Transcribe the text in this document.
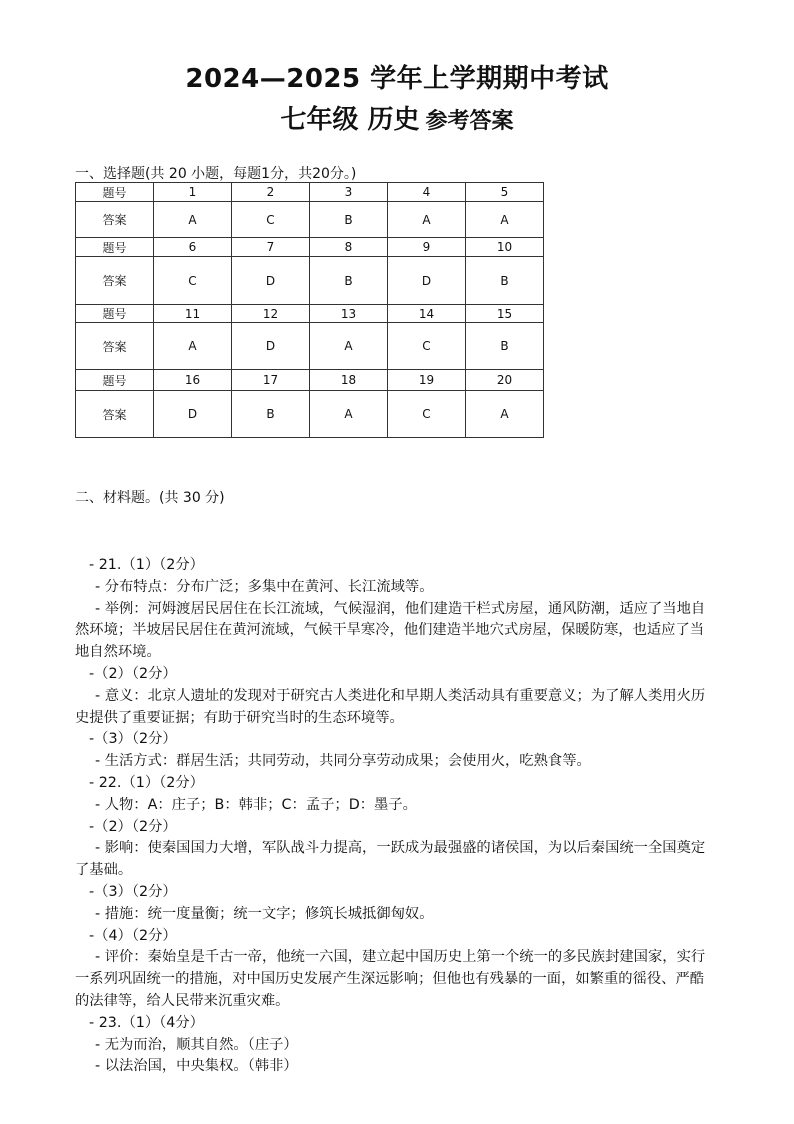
2024—2025 学年上学期期中考试
七年级 历史 参考答案
一、选择题(共 20 小题，每题1分，共20分。)
题号	1	2	3	4	5
答案	A	C	B	A	A
题号	6	7	8	9	10
答案	C	D	B	D	B
题号	11	12	13	14	15
答案	A	D	A	C	B
题号	16	17	18	19	20
答案	D	B	A	C	A
二、材料题。(共 30 分)

- 21.（1）（2分）

- 分布特点：分布广泛；多集中在黄河、长江流域等。

- 举例：河姆渡居民居住在长江流域，气候湿润，他们建造干栏式房屋，通风防潮，适应了当地自然环境；半坡居民居住在黄河流域，气候干旱寒冷，他们建造半地穴式房屋，保暖防寒，也适应了当地自然环境。

-（2）（2分）

- 意义：北京人遗址的发现对于研究古人类进化和早期人类活动具有重要意义；为了解人类用火历史提供了重要证据；有助于研究当时的生态环境等。

-（3）（2分）

- 生活方式：群居生活；共同劳动，共同分享劳动成果；会使用火，吃熟食等。

- 22.（1）（2分）

- 人物：A：庄子；B：韩非；C：孟子；D：墨子。

-（2）（2分）

- 影响：使秦国国力大增，军队战斗力提高，一跃成为最强盛的诸侯国，为以后秦国统一全国奠定了基础。

-（3）（2分）

- 措施：统一度量衡；统一文字；修筑长城抵御匈奴。

-（4）（2分）

- 评价：秦始皇是千古一帝，他统一六国，建立起中国历史上第一个统一的多民族封建国家，实行一系列巩固统一的措施，对中国历史发展产生深远影响；但他也有残暴的一面，如繁重的徭役、严酷的法律等，给人民带来沉重灾难。

- 23.（1）（4分）

- 无为而治，顺其自然。（庄子）

- 以法治国，中央集权。（韩非）
